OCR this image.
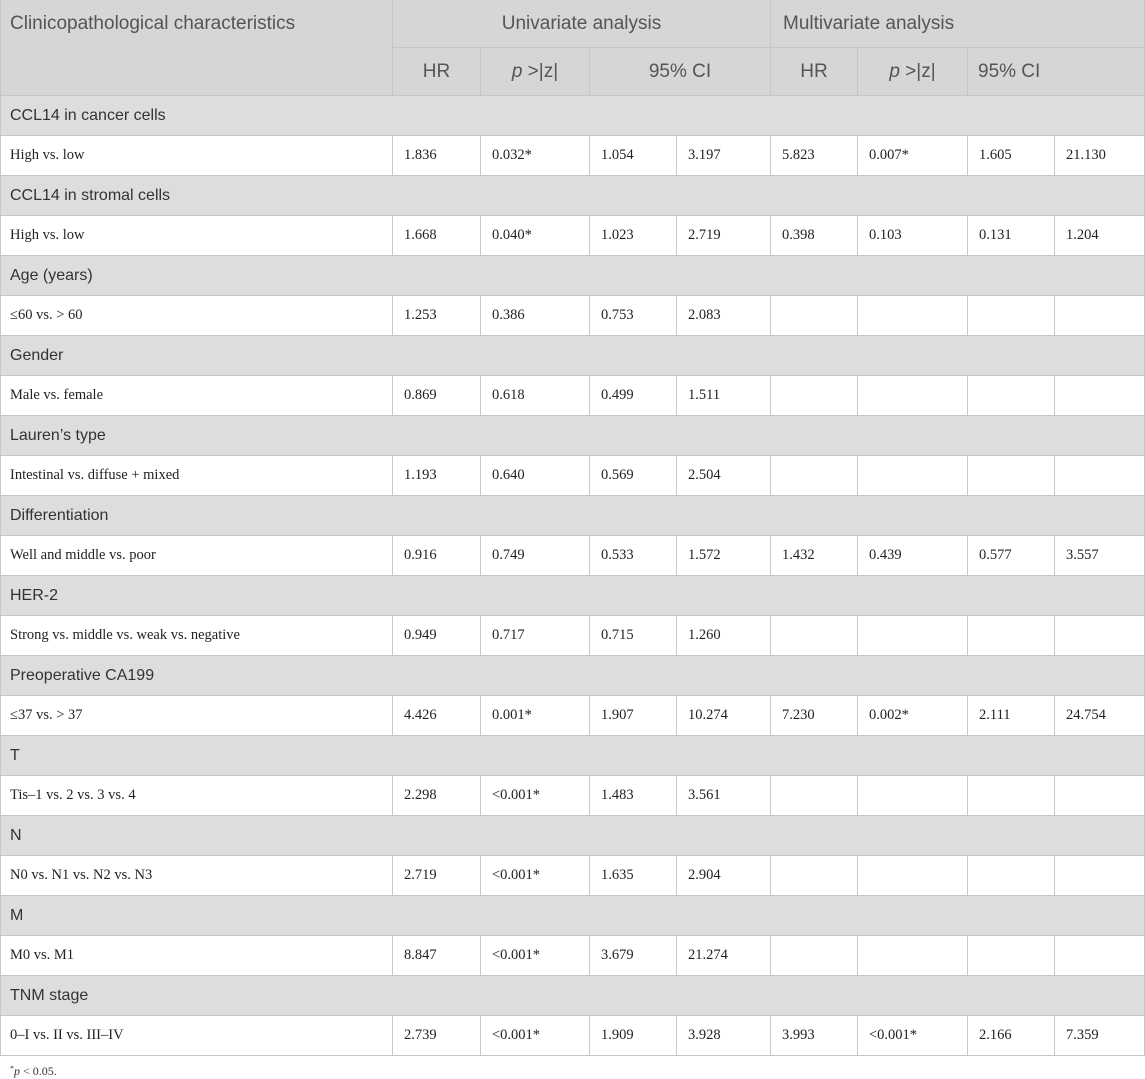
Clinicopathological characteristics	Univariate analysis	Multivariate analysis
HR	p >|z|	95% CI	HR	p >|z|	95% CI
CCL14 in cancer cells
High vs. low	1.836	0.032*	1.054	3.197	5.823	0.007*	1.605	21.130
CCL14 in stromal cells
High vs. low	1.668	0.040*	1.023	2.719	0.398	0.103	0.131	1.204
Age (years)
≤60 vs. > 60	1.253	0.386	0.753	2.083
Gender
Male vs. female	0.869	0.618	0.499	1.511
Lauren’s type
Intestinal vs. diffuse + mixed	1.193	0.640	0.569	2.504
Differentiation
Well and middle vs. poor	0.916	0.749	0.533	1.572	1.432	0.439	0.577	3.557
HER-2
Strong vs. middle vs. weak vs. negative	0.949	0.717	0.715	1.260
Preoperative CA199
≤37 vs. > 37	4.426	0.001*	1.907	10.274	7.230	0.002*	2.111	24.754
T
Tis–1 vs. 2 vs. 3 vs. 4	2.298	<0.001*	1.483	3.561
N
N0 vs. N1 vs. N2 vs. N3	2.719	<0.001*	1.635	2.904
M
M0 vs. M1	8.847	<0.001*	3.679	21.274
TNM stage
0–I vs. II vs. III–IV	2.739	<0.001*	1.909	3.928	3.993	<0.001*	2.166	7.359
*p < 0.05.
